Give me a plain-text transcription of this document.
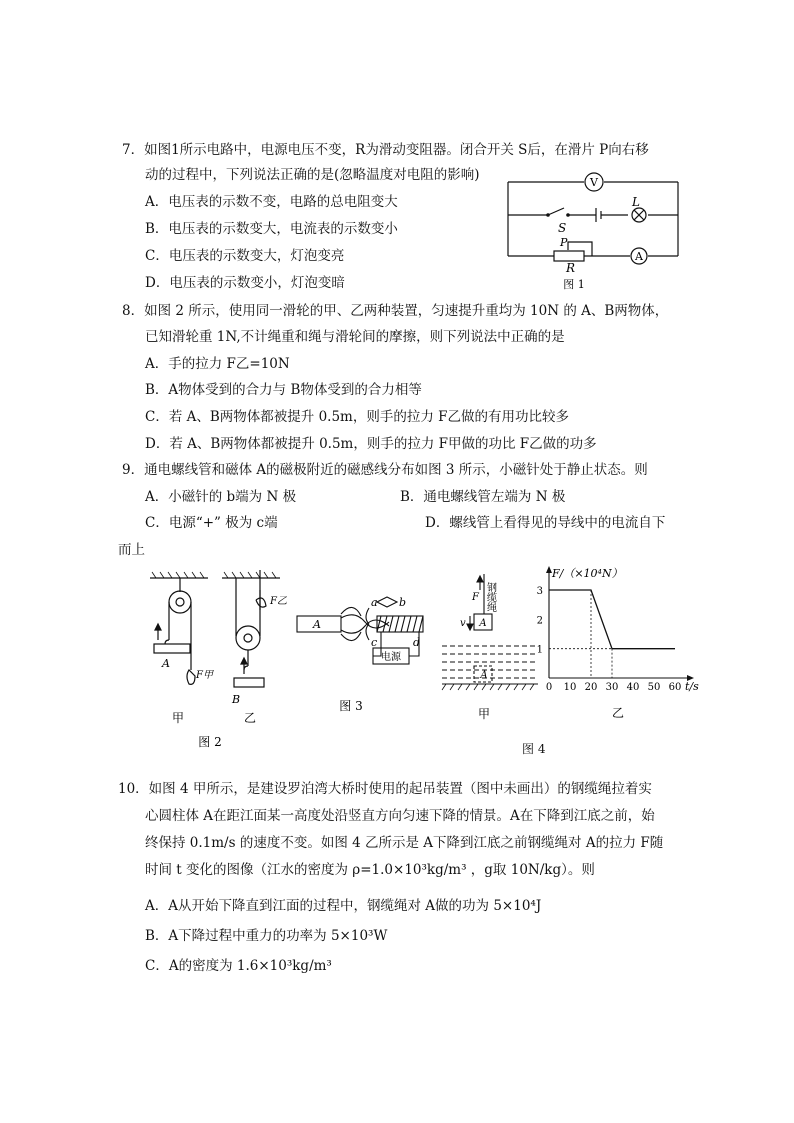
7．如图1所示电路中，电源电压不变，R为滑动变阻器。闭合开关 S后，在滑片 P向右移
动的过程中，下列说法正确的是(忽略温度对电阻的影响)
A．电压表的示数不变，电路的总电阻变大
B．电压表的示数变大，电流表的示数变小
C．电压表的示数变大，灯泡变亮
D．电压表的示数变小，灯泡变暗
V
A
L
S
P
R
图 1
8．如图 2 所示，使用同一滑轮的甲、乙两种装置，匀速提升重均为 10N 的 A、B两物体，
已知滑轮重 1N,不计绳重和绳与滑轮间的摩擦，则下列说法中正确的是
A．手的拉力 F乙=10N
B．A物体受到的合力与 B物体受到的合力相等
C．若 A、B两物体都被提升 0.5m，则手的拉力 F乙做的有用功比较多
D．若 A、B两物体都被提升 0.5m，则手的拉力 F甲做的功比 F乙做的功多
9．通电螺线管和磁体 A的磁极附近的磁感线分布如图 3 所示，小磁针处于静止状态。则
A．小磁针的 b端为 N 极	B．通电螺线管左端为 N 极
C．电源“+” 极为 c端	D．螺线管上看得见的导线中的电流自下
而上
A
F甲
B
F乙
甲	乙
图 2
A
a b
c	d
电源
图 3
钢缆绳
F
v A
A
甲
0 10 20 30 40 50 60
1
2
3
F/（×10⁴N）
t/s
乙
图 4
10．如图 4 甲所示，是建设罗泊湾大桥时使用的起吊装置（图中未画出）的钢缆绳拉着实
心圆柱体 A在距江面某一高度处沿竖直方向匀速下降的情景。A在下降到江底之前，始
终保持 0.1m/s 的速度不变。如图 4 乙所示是 A下降到江底之前钢缆绳对 A的拉力 F随
时间 t 变化的图像（江水的密度为 ρ=1.0×10³kg/m³ ，g取 10N/kg）。则
A．A从开始下降直到江面的过程中，钢缆绳对 A做的功为 5×10⁴J
B．A下降过程中重力的功率为 5×10³W
C．A的密度为 1.6×10³kg/m³
